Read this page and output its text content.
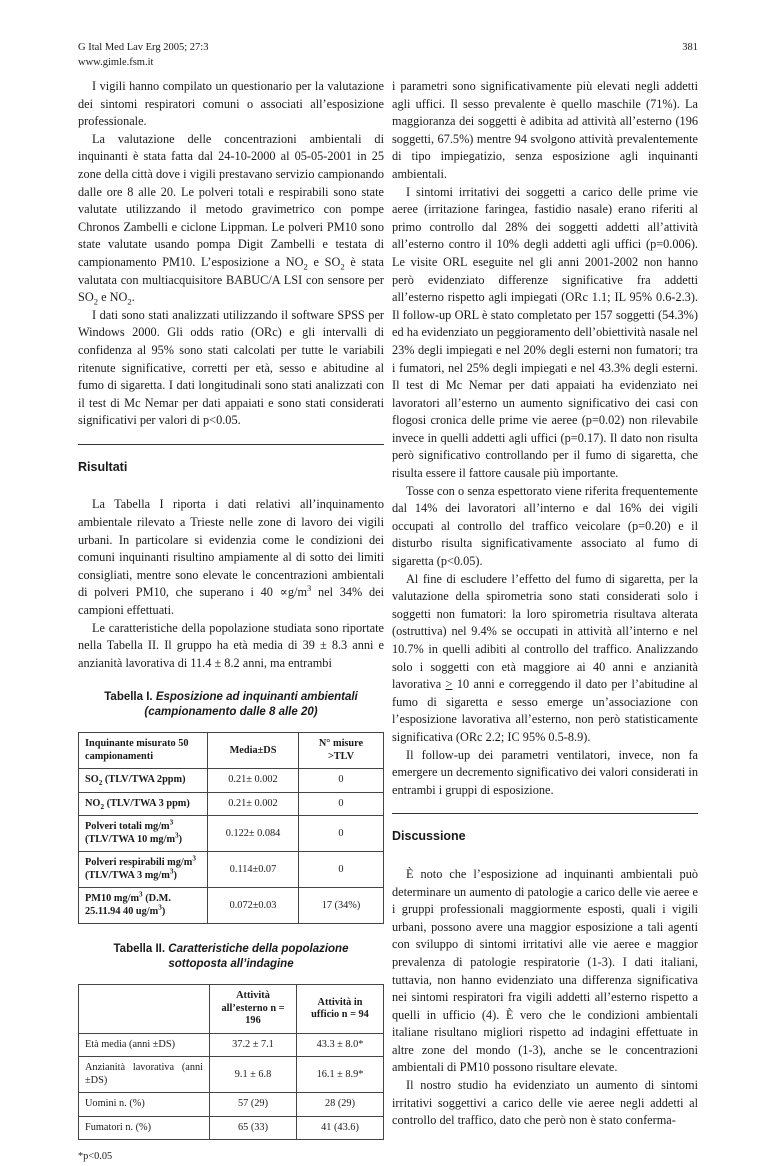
G Ital Med Lav Erg 2005; 27:3
www.gimle.fsm.it
381

I vigili hanno compilato un questionario per la valutazione dei sintomi respiratori comuni o associati all’esposizione professionale.

La valutazione delle concentrazioni ambientali di inquinanti è stata fatta dal 24-10-2000 al 05-05-2001 in 25 zone della città dove i vigili prestavano servizio campionando dalle ore 8 alle 20. Le polveri totali e respirabili sono state valutate utilizzando il metodo gravimetrico con pompe Chronos Zambelli e ciclone Lippman. Le polveri PM10 sono state valutate usando pompa Digit Zambelli e testata di campionamento PM10. L’esposizione a $NO_2$ e $SO_2$ è stata valutata con multiacquisitore BABUC/A LSI con sensore per $SO_2$ e $NO_2$.

I dati sono stati analizzati utilizzando il software SPSS per Windows 2000. Gli odds ratio (ORc) e gli intervalli di confidenza al 95% sono stati calcolati per tutte le variabili ritenute significative, corretti per età, sesso e abitudine al fumo di sigaretta. I dati longitudinali sono stati analizzati con il test di Mc Nemar per dati appaiati e sono stati considerati significativi per valori di p<0.05.

Risultati

La Tabella I riporta i dati relativi all’inquinamento ambientale rilevato a Trieste nelle zone di lavoro dei vigili urbani. In particolare si evidenzia come le condizioni dei comuni inquinanti risultino ampiamente al di sotto dei limiti consigliati, mentre sono elevate le concentrazioni ambientali di polveri PM10, che superano i $40 \propto g/m^3$ nel 34% dei campioni effettuati.

Le caratteristiche della popolazione studiata sono riportate nella Tabella II. Il gruppo ha età media di 39 ± 8.3 anni e anzianità lavorativa di 11.4 ± 8.2 anni, ma entrambi

Tabella I. Esposizione ad inquinanti ambientali
(campionamento dalle 8 alle 20)
Inquinante misurato 50 campionamenti	Media±DS	N° misure >TLV
$SO_2$ (TLV/TWA 2ppm)	0.21± 0.002	0
$NO_2$ (TLV/TWA 3 ppm)	0.21± 0.002	0
Polveri totali $mg/m^3$ (TLV/TWA 10 $mg/m^3$)	0.122± 0.084	0
Polveri respirabili $mg/m^3$ (TLV/TWA 3 $mg/m^3$)	0.114±0.07	0
PM10 $mg/m^3$ (D.M. 25.11.94 40 $ug/m^3$)	0.072±0.03	17 (34%)
Tabella II. Caratteristiche della popolazione
sottoposta all’indagine
	Attività all’esterno n = 196	Attività in ufficio n = 94
Età media (anni ±DS)	37.2 ± 7.1	43.3 ± 8.0*
Anzianità lavorativa (anni ±DS)	9.1 ± 6.8	16.1 ± 8.9*
Uomini n. (%)	57 (29)	28 (29)
Fumatori n. (%)	65 (33)	41 (43.6)
*p<0.05

i parametri sono significativamente più elevati negli addetti agli uffici. Il sesso prevalente è quello maschile (71%). La maggioranza dei soggetti è adibita ad attività all’esterno (196 soggetti, 67.5%) mentre 94 svolgono attività prevalentemente di tipo impiegatizio, senza esposizione agli inquinanti ambientali.

I sintomi irritativi dei soggetti a carico delle prime vie aeree (irritazione faringea, fastidio nasale) erano riferiti al primo controllo dal 28% dei soggetti addetti all’attività all’esterno contro il 10% degli addetti agli uffici (p=0.006). Le visite ORL eseguite nel gli anni 2001-2002 non hanno però evidenziato differenze significative fra addetti all’esterno rispetto agli impiegati (ORc 1.1; IL 95% 0.6-2.3). Il follow-up ORL è stato completato per 157 soggetti (54.3%) ed ha evidenziato un peggioramento dell’obiettività nasale nel 23% degli impiegati e nel 20% degli esterni non fumatori; tra i fumatori, nel 25% degli impiegati e nel 43.3% degli esterni. Il test di Mc Nemar per dati appaiati ha evidenziato nei lavoratori all’esterno un aumento significativo dei casi con flogosi cronica delle prime vie aeree (p=0.02) non rilevabile invece in quelli addetti agli uffici (p=0.17). Il dato non risulta però significativo controllando per il fumo di sigaretta, che risulta essere il fattore causale più importante.

Tosse con o senza espettorato viene riferita frequentemente dal 14% dei lavoratori all’interno e dal 16% dei vigili occupati al controllo del traffico veicolare (p=0.20) e il disturbo risulta significativamente associato al fumo di sigaretta (p<0.05).

Al fine di escludere l’effetto del fumo di sigaretta, per la valutazione della spirometria sono stati considerati solo i soggetti non fumatori: la loro spirometria risultava alterata (ostruttiva) nel 9.4% se occupati in attività all’interno e nel 10.7% in quelli adibiti al controllo del traffico. Analizzando solo i soggetti con età maggiore ai 40 anni e anzianità lavorativa > 10 anni e correggendo il dato per l’abitudine al fumo di sigaretta e sesso emerge un’associazione con l’esposizione lavorativa all’esterno, non però statisticamente significativa (ORc 2.2; IC 95% 0.5-8.9).

Il follow-up dei parametri ventilatori, invece, non fa emergere un decremento significativo dei valori considerati in entrambi i gruppi di esposizione.

Discussione

È noto che l’esposizione ad inquinanti ambientali può determinare un aumento di patologie a carico delle vie aeree e i gruppi professionali maggiormente esposti, quali i vigili urbani, possono avere una maggior esposizione a tali agenti con sviluppo di sintomi irritativi alle vie aeree e maggior prevalenza di patologie respiratorie (1-3). I dati italiani, tuttavia, non hanno evidenziato una differenza significativa nei sintomi respiratori fra vigili addetti all’esterno rispetto a quelli in ufficio (4). È vero che le condizioni ambientali italiane risultano migliori rispetto ad indagini effettuate in altre zone del mondo (1-3), anche se le concentrazioni ambientali di PM10 possono risultare elevate.

Il nostro studio ha evidenziato un aumento di sintomi irritativi soggettivi a carico delle vie aeree negli addetti al controllo del traffico, dato che però non è stato conferma-
